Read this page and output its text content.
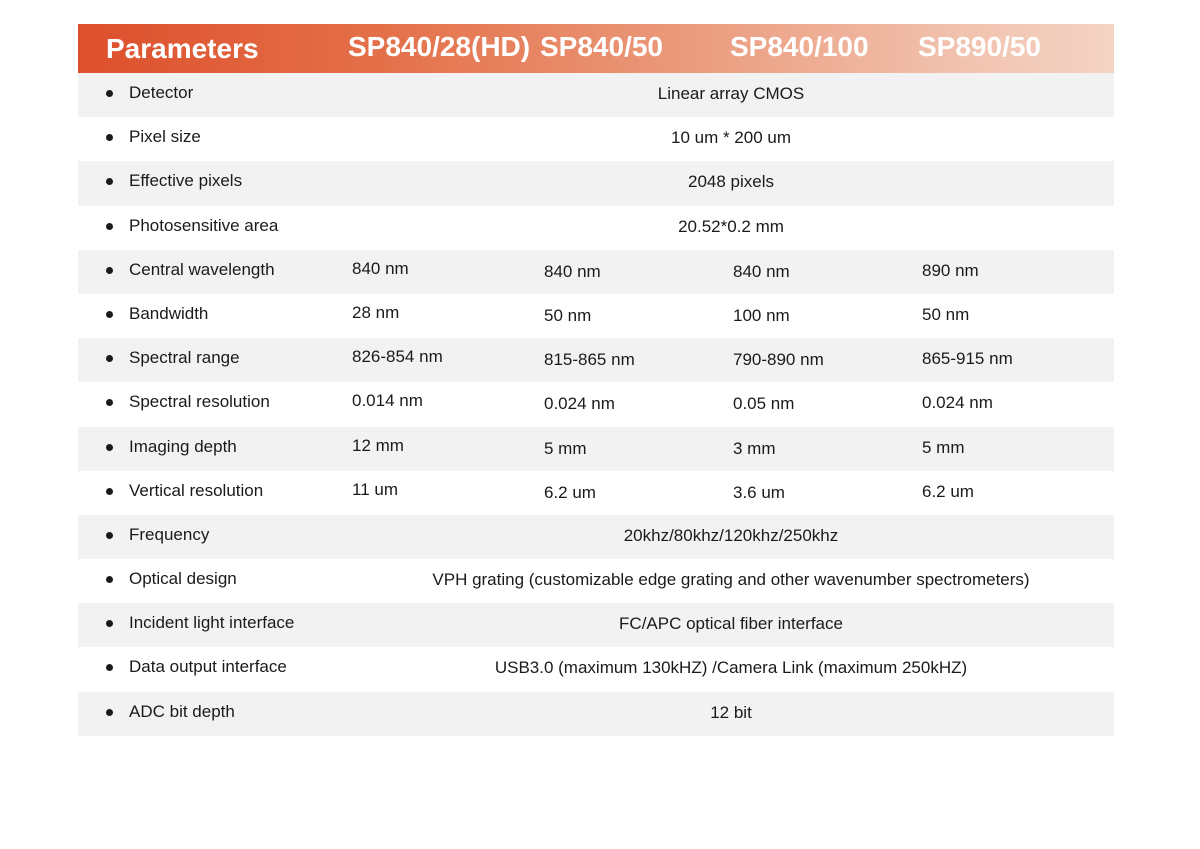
Parameters	SP840/28(HD) SP840/50 SP840/100 SP890/50
Detector	Linear array CMOS
Pixel size	10 um * 200 um
Effective pixels	2048 pixels
Photosensitive area	20.52*0.2 mm
Central wavelength	840 nm	840 nm	840 nm	890 nm
Bandwidth	28 nm	50 nm	100 nm	50 nm
Spectral range	826-854 nm	815-865 nm	790-890 nm	865-915 nm
Spectral resolution	0.014 nm	0.024 nm	0.05 nm	0.024 nm
Imaging depth	12 mm	5 mm	3 mm	5 mm
Vertical resolution	11 um	6.2 um	3.6 um	6.2 um
Frequency	20khz/80khz/120khz/250khz
Optical design	VPH grating (customizable edge grating and other wavenumber spectrometers)
Incident light interface	FC/APC optical fiber interface
Data output interface	USB3.0 (maximum 130kHZ) /Camera Link (maximum 250kHZ)
ADC bit depth	12 bit
